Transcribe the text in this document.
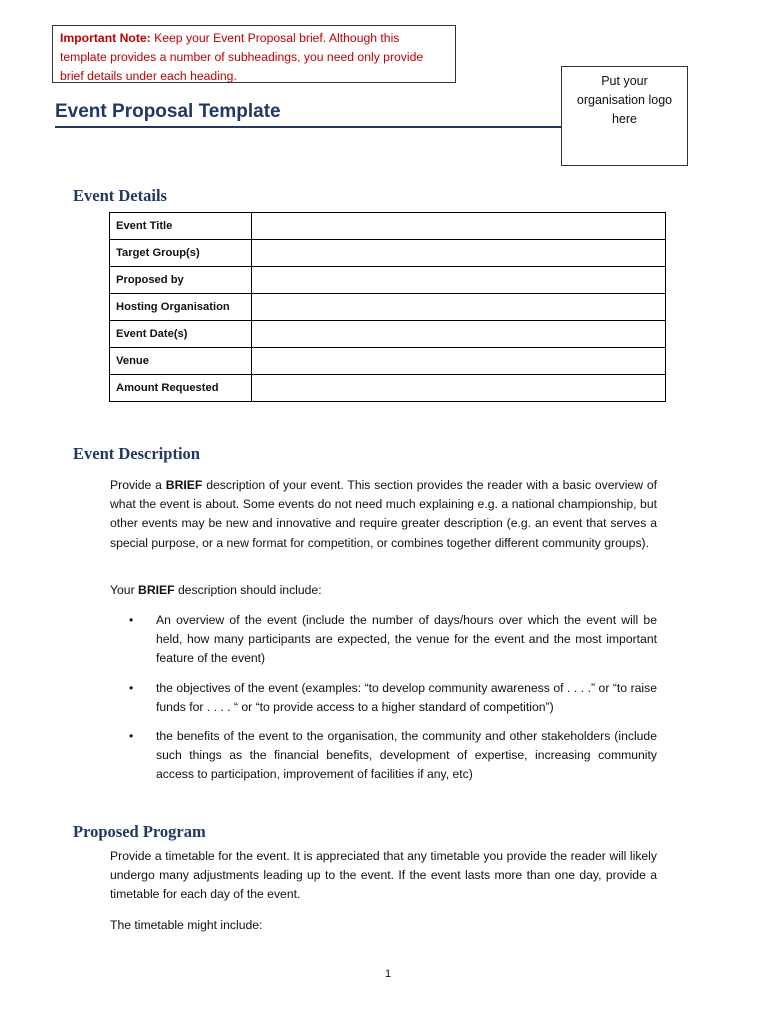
Important Note: Keep your Event Proposal brief. Although this template provides a number of subheadings, you need only provide brief details under each heading.	Put your
organisation logo
here
Event Proposal Template
Event Details
Event Title	
Target Group(s)	
Proposed by	
Hosting Organisation	
Event Date(s)	
Venue	
Amount Requested	
Event Description

Provide a BRIEF description of your event. This section provides the reader with a basic overview of what the event is about. Some events do not need much explaining e.g. a national championship, but other events may be new and innovative and require greater description (e.g. an event that serves a special purpose, or a new format for competition, or combines together different community groups).

Your BRIEF description should include:

• An overview of the event (include the number of days/hours over which the event will be held, how many participants are expected, the venue for the event and the most important feature of the event)
• the objectives of the event (examples: “to develop community awareness of . . . .” or “to raise funds for . . . . “ or “to provide access to a higher standard of competition”)
• the benefits of the event to the organisation, the community and other stakeholders (include such things as the financial benefits, development of expertise, increasing community access to participation, improvement of facilities if any, etc)
Proposed Program

Provide a timetable for the event. It is appreciated that any timetable you provide the reader will likely undergo many adjustments leading up to the event. If the event lasts more than one day, provide a timetable for each day of the event.

The timetable might include:

1
